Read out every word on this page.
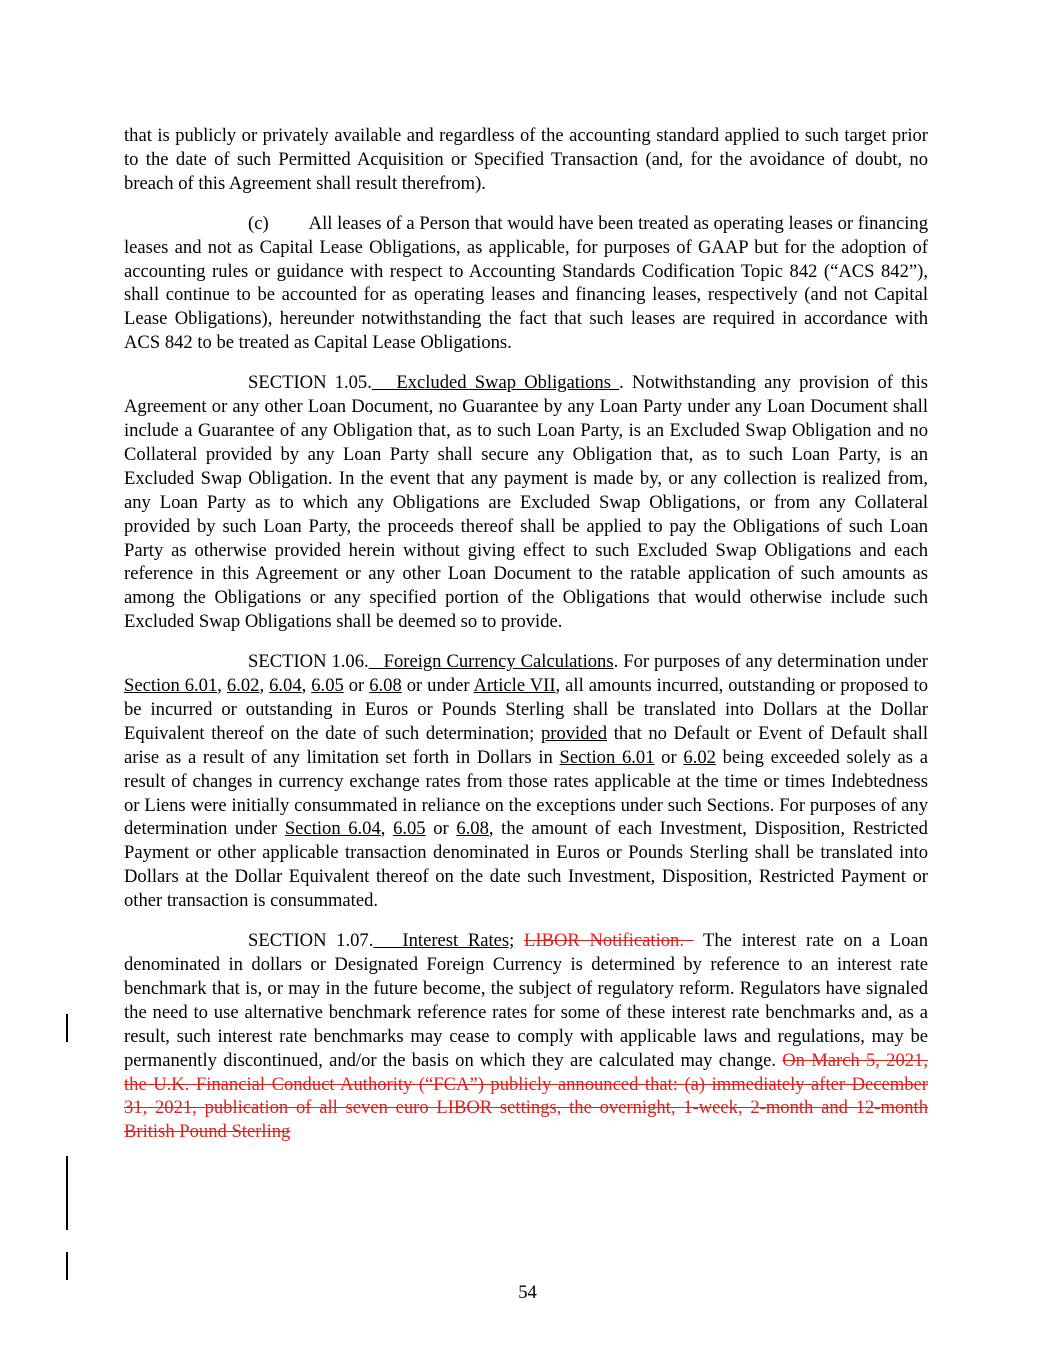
that is publicly or privately available and regardless of the accounting standard applied to such target prior to the date of such Permitted Acquisition or Specified Transaction (and, for the avoidance of doubt, no breach of this Agreement shall result therefrom).

(c) All leases of a Person that would have been treated as operating leases or financing leases and not as Capital Lease Obligations, as applicable, for purposes of GAAP but for the adoption of accounting rules or guidance with respect to Accounting Standards Codification Topic 842 (“ACS 842”), shall continue to be accounted for as operating leases and financing leases, respectively (and not Capital Lease Obligations), hereunder notwithstanding the fact that such leases are required in accordance with ACS 842 to be treated as Capital Lease Obligations.

SECTION 1.05. Excluded Swap Obligations . Notwithstanding any provision of this Agreement or any other Loan Document, no Guarantee by any Loan Party under any Loan Document shall include a Guarantee of any Obligation that, as to such Loan Party, is an Excluded Swap Obligation and no Collateral provided by any Loan Party shall secure any Obligation that, as to such Loan Party, is an Excluded Swap Obligation. In the event that any payment is made by, or any collection is realized from, any Loan Party as to which any Obligations are Excluded Swap Obligations, or from any Collateral provided by such Loan Party, the proceeds thereof shall be applied to pay the Obligations of such Loan Party as otherwise provided herein without giving effect to such Excluded Swap Obligations and each reference in this Agreement or any other Loan Document to the ratable application of such amounts as among the Obligations or any specified portion of the Obligations that would otherwise include such Excluded Swap Obligations shall be deemed so to provide.

SECTION 1.06. Foreign Currency Calculations. For purposes of any determination under Section 6.01, 6.02, 6.04, 6.05 or 6.08 or under Article VII, all amounts incurred, outstanding or proposed to be incurred or outstanding in Euros or Pounds Sterling shall be translated into Dollars at the Dollar Equivalent thereof on the date of such determination; provided that no Default or Event of Default shall arise as a result of any limitation set forth in Dollars in Section 6.01 or 6.02 being exceeded solely as a result of changes in currency exchange rates from those rates applicable at the time or times Indebtedness or Liens were initially consummated in reliance on the exceptions under such Sections. For purposes of any determination under Section 6.04, 6.05 or 6.08, the amount of each Investment, Disposition, Restricted Payment or other applicable transaction denominated in Euros or Pounds Sterling shall be translated into Dollars at the Dollar Equivalent thereof on the date such Investment, Disposition, Restricted Payment or other transaction is consummated.

SECTION 1.07. Interest Rates; LIBOR Notification.  The interest rate on a Loan denominated in dollars or Designated Foreign Currency is determined by reference to an interest rate benchmark that is, or may in the future become, the subject of regulatory reform. Regulators have signaled the need to use alternative benchmark reference rates for some of these interest rate benchmarks and, as a result, such interest rate benchmarks may cease to comply with applicable laws and regulations, may be permanently discontinued, and/or the basis on which they are calculated may change. On March 5, 2021, the U.K. Financial Conduct Authority (“FCA”) publicly announced that: (a) immediately after December 31, 2021, publication of all seven euro LIBOR settings, the overnight, 1-week, 2-month and 12-month British Pound Sterling

54
